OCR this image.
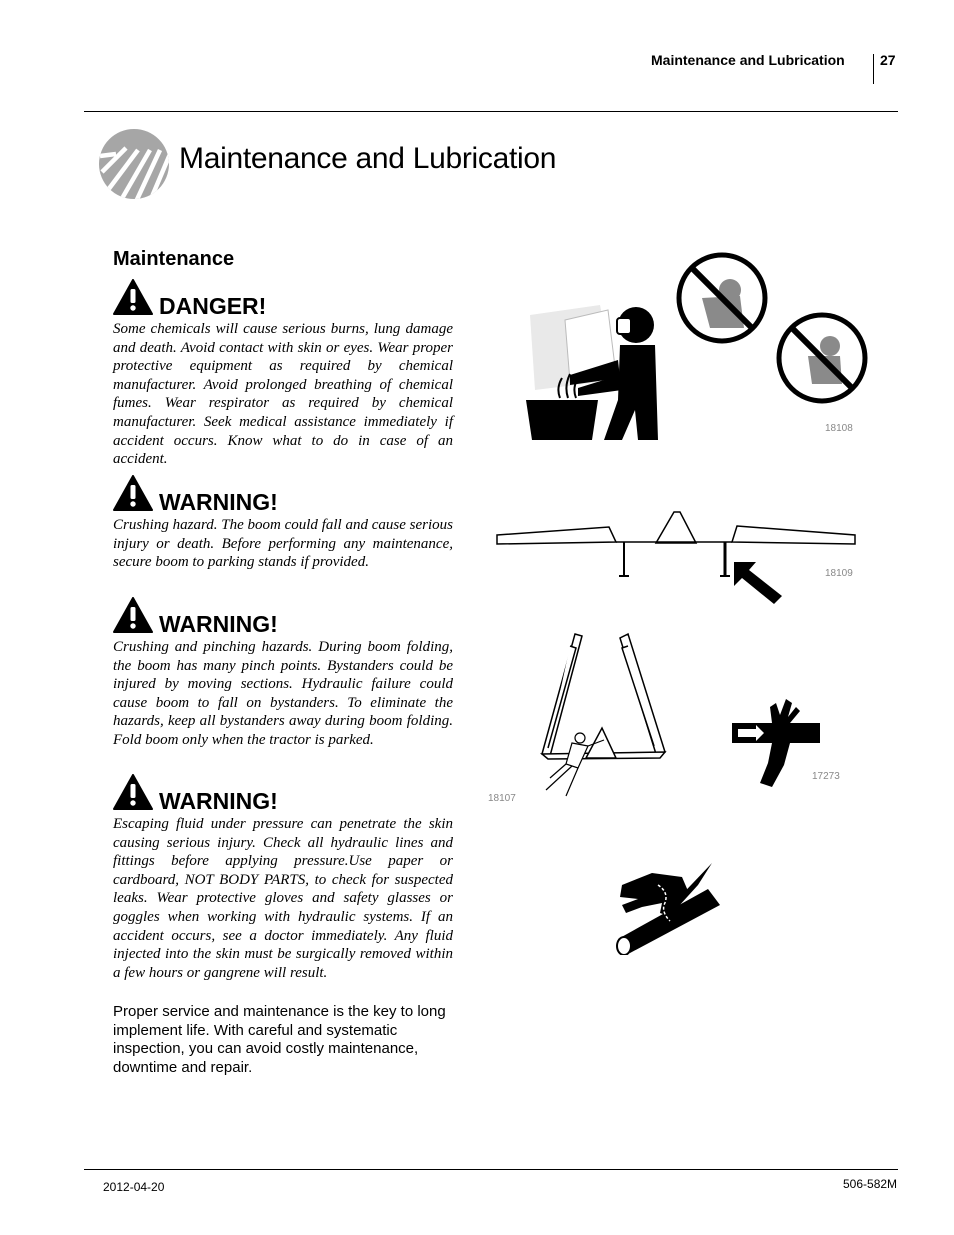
Maintenance and Lubrication	27
Maintenance and Lubrication
Maintenance
DANGER!
Some chemicals will cause serious burns, lung damage and death. Avoid contact with skin or eyes. Wear proper protective equipment as required by chemical manufacturer. Avoid prolonged breathing of chemical fumes. Wear respirator as required by chemical manufacturer. Seek medical assistance immediately if accident occurs. Know what to do in case of an accident.
WARNING!
Crushing hazard. The boom could fall and cause serious injury or death. Before performing any maintenance, secure boom to parking stands if provided.
WARNING!
Crushing and pinching hazards. During boom folding, the boom has many pinch points. Bystanders could be injured by moving sections. Hydraulic failure could cause boom to fall on bystanders. To eliminate the hazards, keep all bystanders away during boom folding. Fold boom only when the tractor is parked.
WARNING!
Escaping fluid under pressure can penetrate the skin causing serious injury. Check all hydraulic lines and fittings before applying pressure.Use paper or cardboard, NOT BODY PARTS, to check for suspected leaks. Wear protective gloves and safety glasses or goggles when working with hydraulic systems. If an accident occurs, see a doctor immediately. Any fluid injected into the skin must be surgically removed within a few hours or gangrene will result.
Proper service and maintenance is the key to long implement life. With careful and systematic inspection, you can avoid costly maintenance, downtime and repair.
18108
18109
18107
17273
2012-04-20	506-582M
